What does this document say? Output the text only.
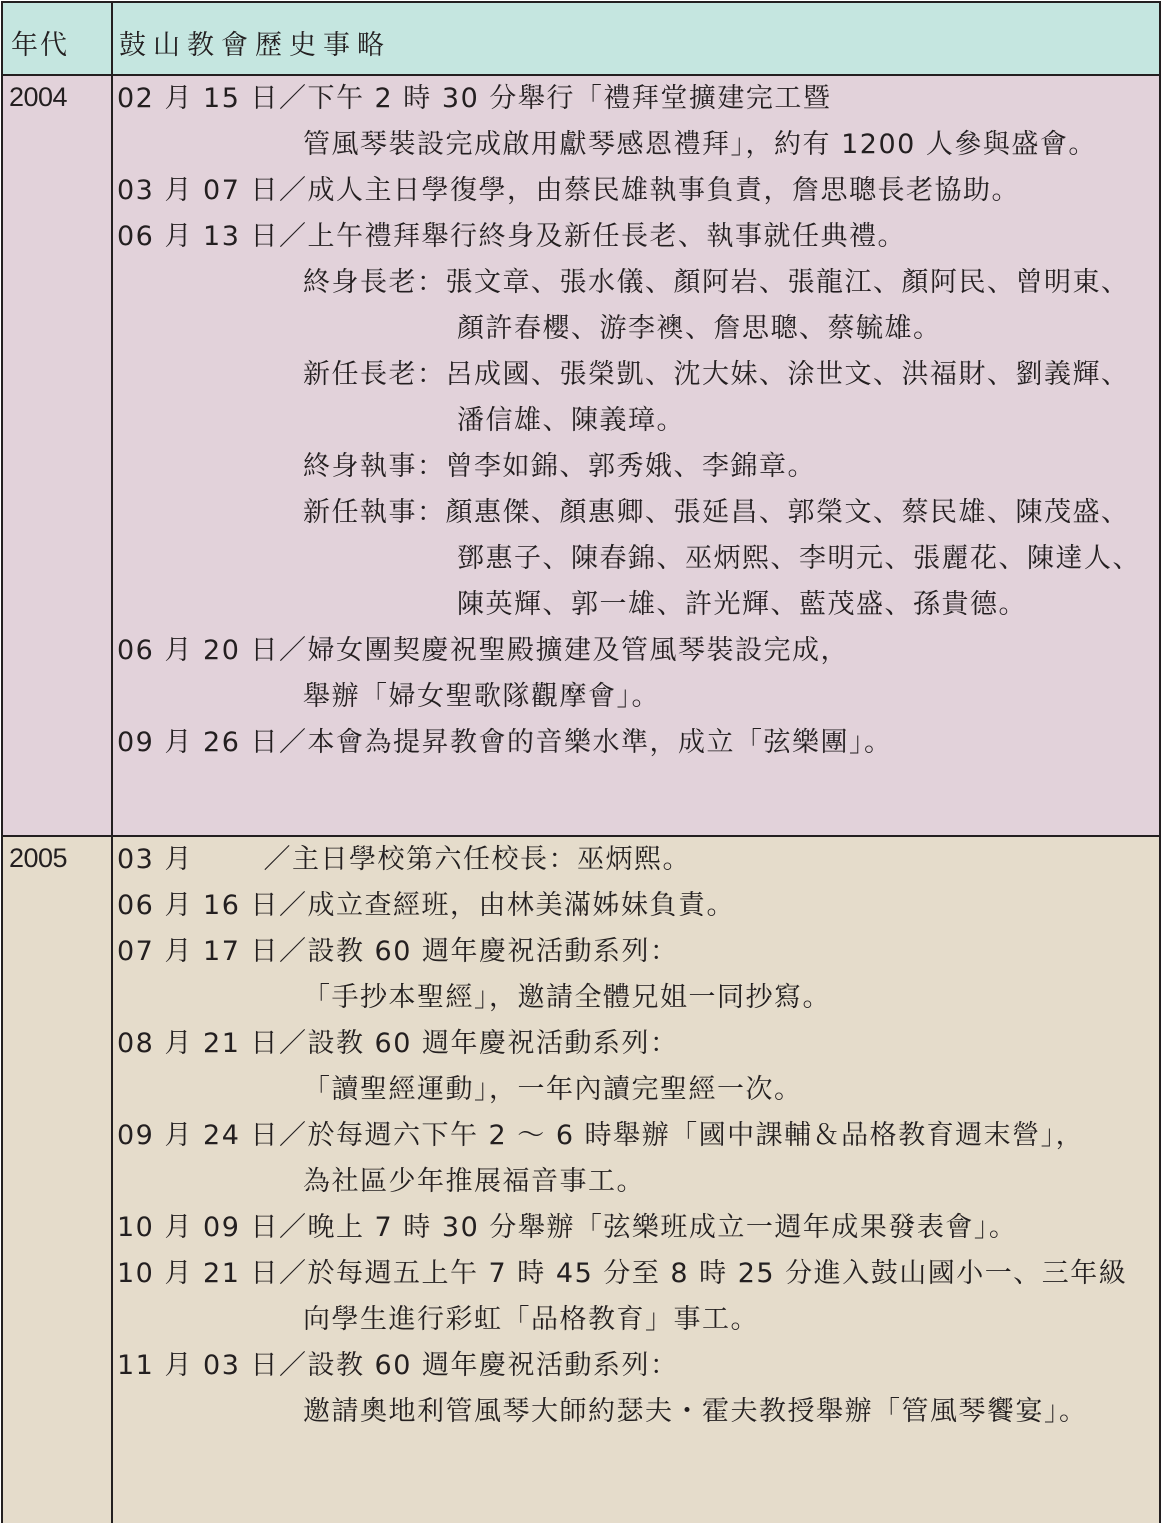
年代 鼓山教會歷史事略
2004 02 月 15 日／下午 2 時 30 分舉行「禮拜堂擴建完工暨
管風琴裝設完成啟用獻琴感恩禮拜」，約有 1200 人參與盛會。
03 月 07 日／成人主日學復學，由蔡民雄執事負責，詹思聰長老協助。
06 月 13 日／上午禮拜舉行終身及新任長老、執事就任典禮。
終身長老：張文章、張水儀、顏阿岩、張龍江、顏阿民、曾明東、
顏許春櫻、游李襖、詹思聰、蔡毓雄。
新任長老：呂成國、張榮凱、沈大妹、涂世文、洪福財、劉義輝、
潘信雄、陳義璋。
終身執事：曾李如錦、郭秀娥、李錦章。
新任執事：顏惠傑、顏惠卿、張延昌、郭榮文、蔡民雄、陳茂盛、
鄧惠子、陳春錦、巫炳熙、李明元、張麗花、陳達人、
陳英輝、郭一雄、許光輝、藍茂盛、孫貴德。
06 月 20 日／婦女團契慶祝聖殿擴建及管風琴裝設完成，
舉辦「婦女聖歌隊觀摩會」。
09 月 26 日／本會為提昇教會的音樂水準，成立「弦樂團」。
2005 03 月       ／主日學校第六任校長：巫炳熙。
06 月 16 日／成立查經班，由林美滿姊妹負責。
07 月 17 日／設教 60 週年慶祝活動系列：
「手抄本聖經」，邀請全體兄姐一同抄寫。
08 月 21 日／設教 60 週年慶祝活動系列：
「讀聖經運動」，一年內讀完聖經一次。
09 月 24 日／於每週六下午 2 ～ 6 時舉辦「國中課輔＆品格教育週末營」，
為社區少年推展福音事工。
10 月 09 日／晚上 7 時 30 分舉辦「弦樂班成立一週年成果發表會」。
10 月 21 日／於每週五上午 7 時 45 分至 8 時 25 分進入鼓山國小一、三年級
向學生進行彩虹「品格教育」事工。
11 月 03 日／設教 60 週年慶祝活動系列：
邀請奧地利管風琴大師約瑟夫・霍夫教授舉辦「管風琴饗宴」。
